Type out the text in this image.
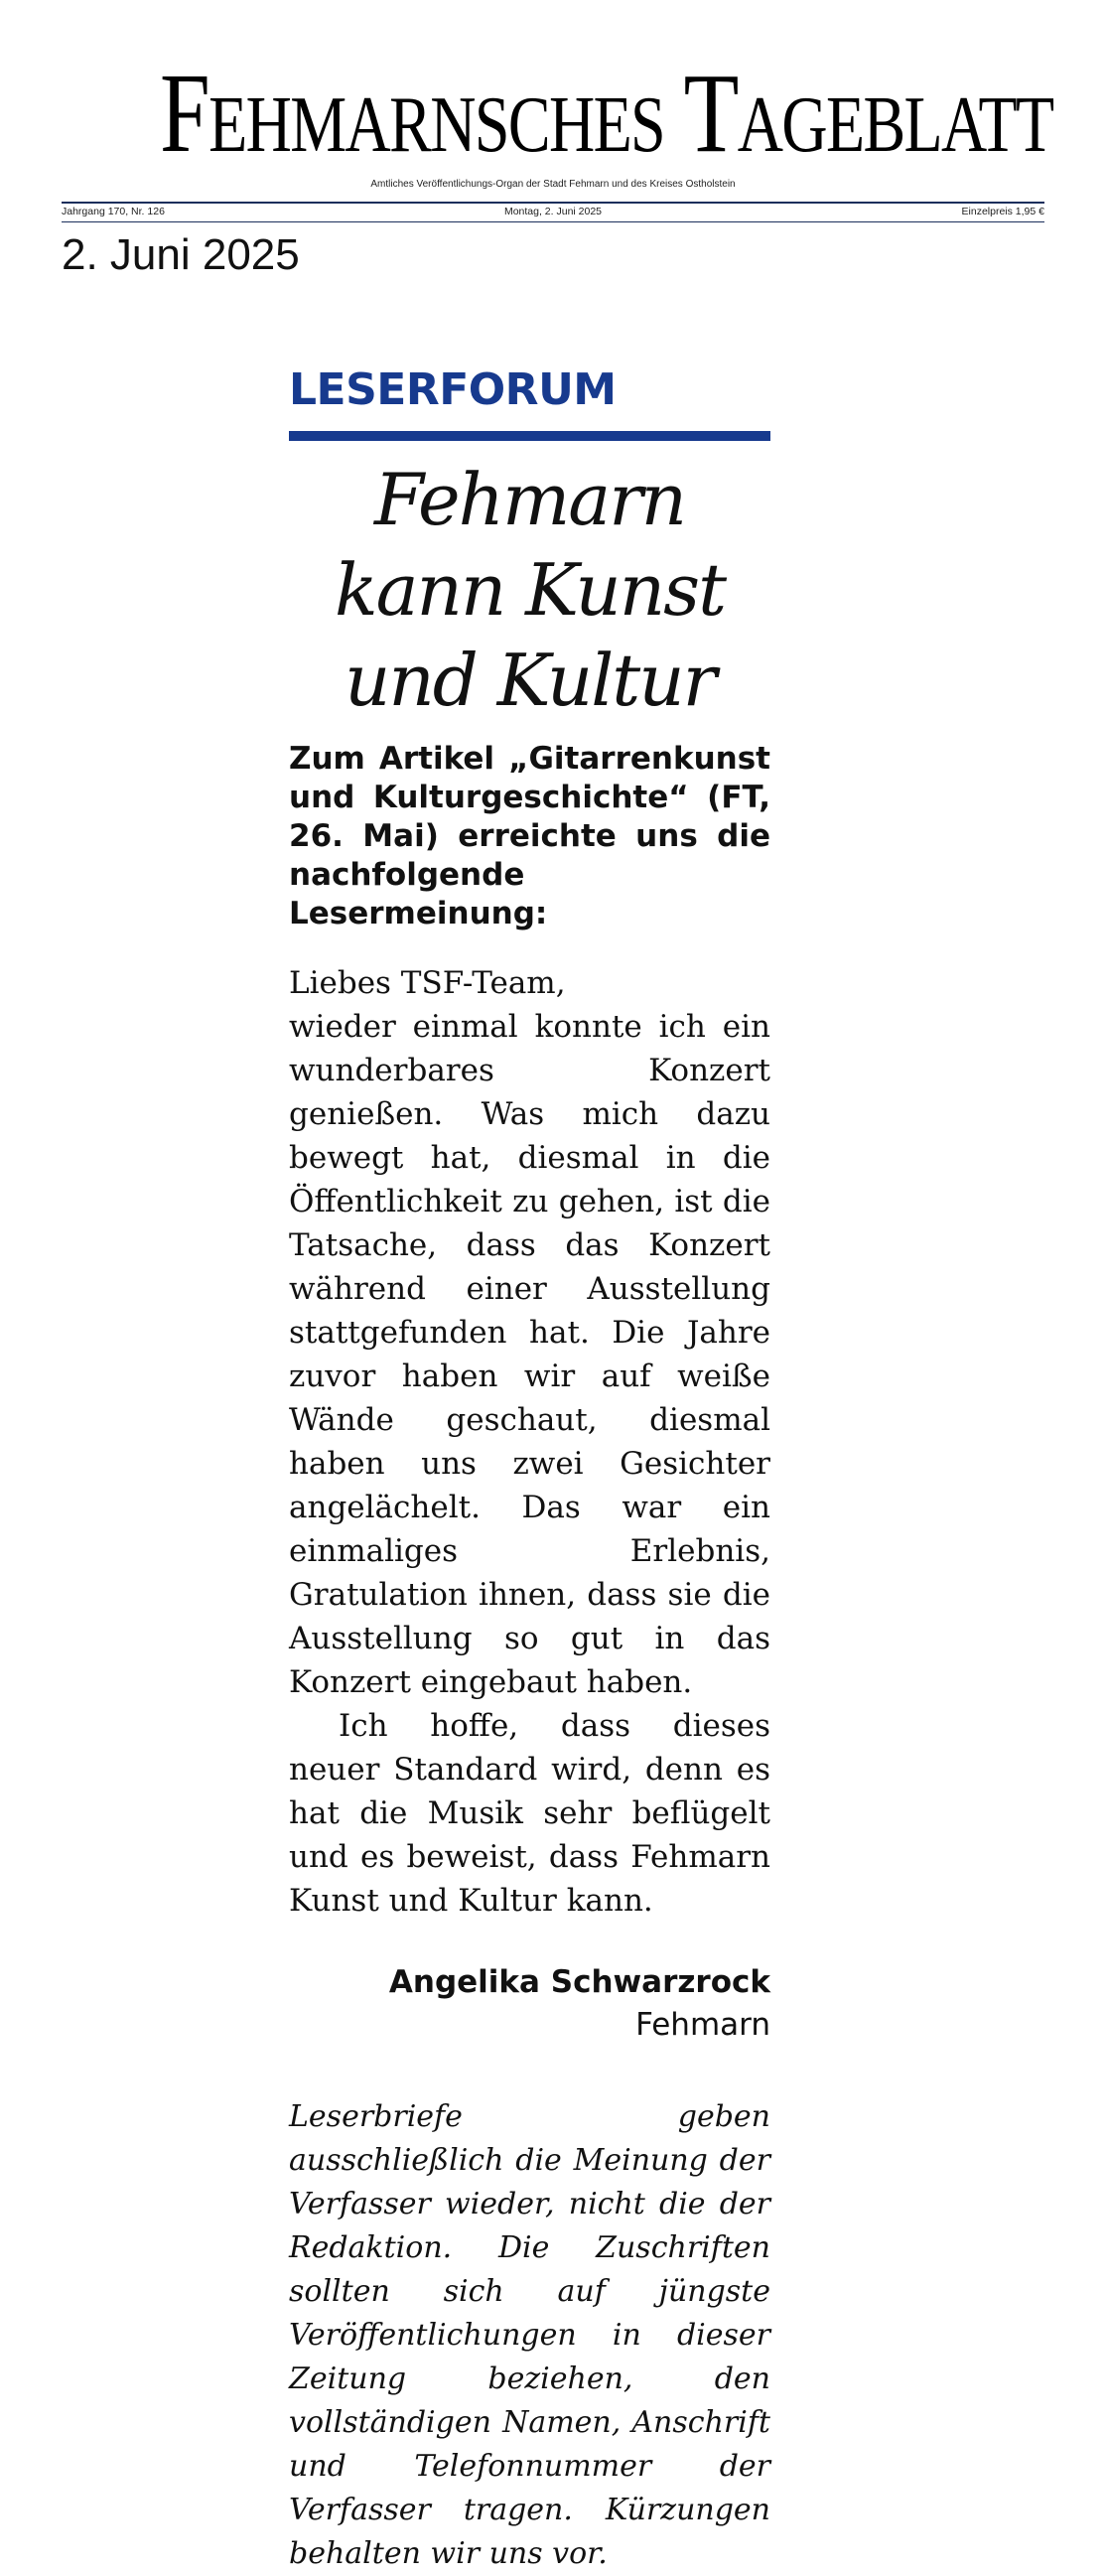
Fehmarnsches Tageblatt
Amtliches Veröffentlichungs-Organ der Stadt Fehmarn und des Kreises Ostholstein
Jahrgang 170, Nr. 126	Montag, 2. Juni 2025	Einzelpreis 1,95 €
2. Juni 2025
LESERFORUM
Fehmarn kann Kunst und Kultur
Zum Artikel „Gitarrenkunst und Kulturgeschichte“ (FT, 26. Mai) erreichte uns die nachfolgende Lesermeinung:

Liebes TSF-Team,

wieder einmal konnte ich ein wunderbares Konzert genießen. Was mich dazu bewegt hat, diesmal in die Öffentlichkeit zu gehen, ist die Tatsache, dass das Konzert während einer Ausstellung stattgefunden hat. Die Jahre zuvor haben wir auf weiße Wände geschaut, diesmal haben uns zwei Gesichter angelächelt. Das war ein einmaliges Erlebnis, Gratulation ihnen, dass sie die Ausstellung so gut in das Konzert eingebaut haben.

Ich hoffe, dass dieses neuer Standard wird, denn es hat die Musik sehr beflügelt und es beweist, dass Fehmarn Kunst und Kultur kann.

Angelika Schwarzrock
Fehmarn
Leserbriefe geben ausschließlich die Meinung der Verfasser wieder, nicht die der Redaktion. Die Zuschriften sollten sich auf jüngste Veröffentlichungen in dieser Zeitung beziehen, den vollständigen Namen, Anschrift und Telefonnummer der Verfasser tragen. Kürzungen behalten wir uns vor.
